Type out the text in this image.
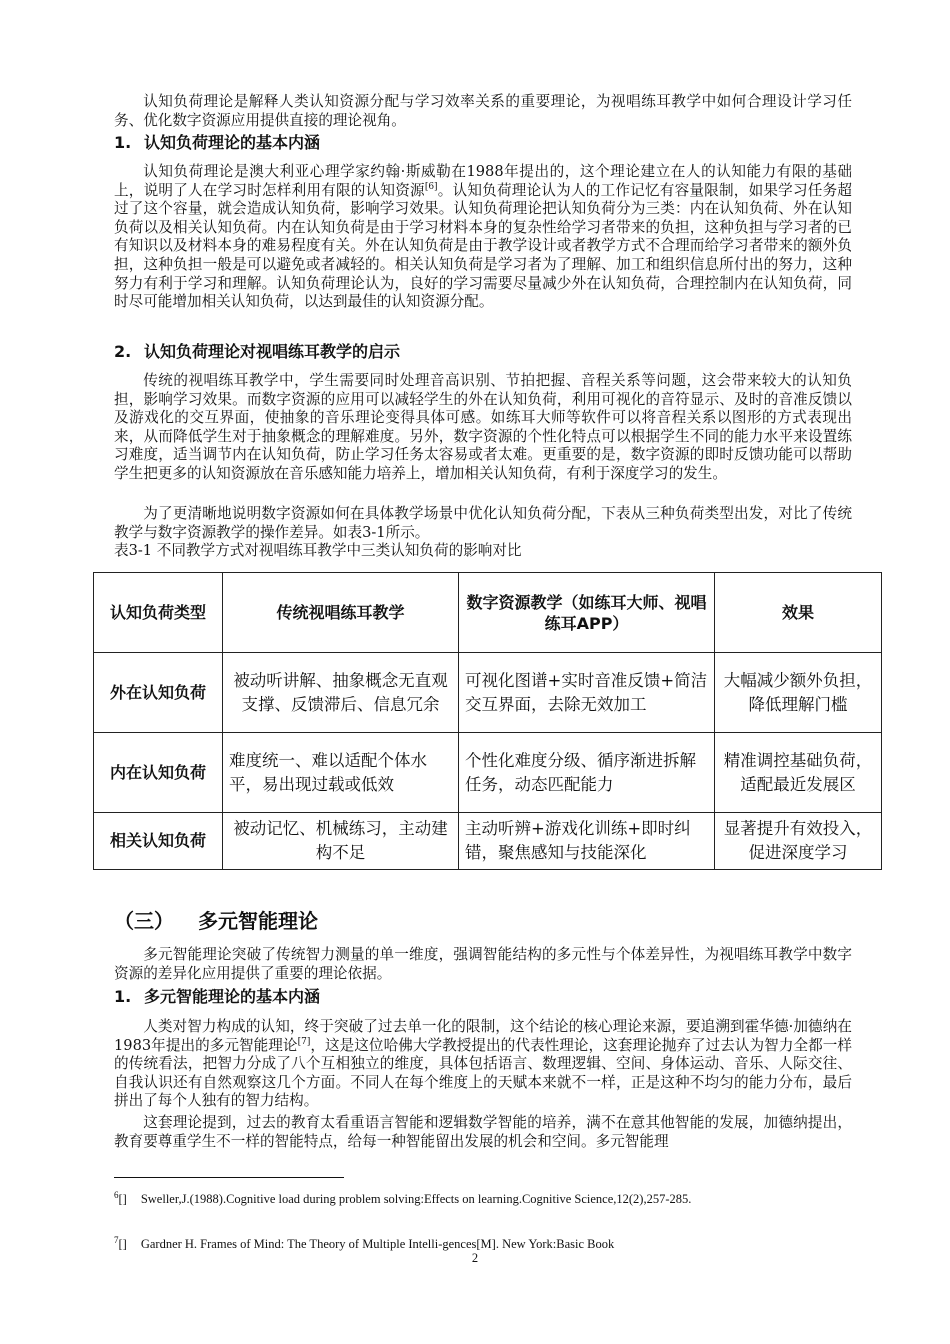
认知负荷理论是解释人类认知资源分配与学习效率关系的重要理论，为视唱练耳教学中如何合理设计学习任务、优化数字资源应用提供直接的理论视角。

1. 认知负荷理论的基本内涵

认知负荷理论是澳大利亚心理学家约翰·斯威勒在1988年提出的，这个理论建立在人的认知能力有限的基础上，说明了人在学习时怎样利用有限的认知资源[6]。认知负荷理论认为人的工作记忆有容量限制，如果学习任务超过了这个容量，就会造成认知负荷，影响学习效果。认知负荷理论把认知负荷分为三类：内在认知负荷、外在认知负荷以及相关认知负荷。内在认知负荷是由于学习材料本身的复杂性给学习者带来的负担，这种负担与学习者的已有知识以及材料本身的难易程度有关。外在认知负荷是由于教学设计或者教学方式不合理而给学习者带来的额外负担，这种负担一般是可以避免或者减轻的。相关认知负荷是学习者为了理解、加工和组织信息所付出的努力，这种努力有利于学习和理解。认知负荷理论认为，良好的学习需要尽量减少外在认知负荷，合理控制内在认知负荷，同时尽可能增加相关认知负荷，以达到最佳的认知资源分配。

2. 认知负荷理论对视唱练耳教学的启示

传统的视唱练耳教学中，学生需要同时处理音高识别、节拍把握、音程关系等问题，这会带来较大的认知负担，影响学习效果。而数字资源的应用可以减轻学生的外在认知负荷，利用可视化的音符显示、及时的音准反馈以及游戏化的交互界面，使抽象的音乐理论变得具体可感。如练耳大师等软件可以将音程关系以图形的方式表现出来，从而降低学生对于抽象概念的理解难度。另外，数字资源的个性化特点可以根据学生不同的能力水平来设置练习难度，适当调节内在认知负荷，防止学习任务太容易或者太难。更重要的是，数字资源的即时反馈功能可以帮助学生把更多的认知资源放在音乐感知能力培养上，增加相关认知负荷，有利于深度学习的发生。

为了更清晰地说明数字资源如何在具体教学场景中优化认知负荷分配，下表从三种负荷类型出发，对比了传统教学与数字资源教学的操作差异。如表3-1所示。

表3-1 不同教学方式对视唱练耳教学中三类认知负荷的影响对比

认知负荷类型	传统视唱练耳教学	数字资源教学（如练耳大师、视唱练耳APP）	效果
外在认知负荷	被动听讲解、抽象概念无直观支撑、反馈滞后、信息冗余	可视化图谱+实时音准反馈+简洁交互界面，去除无效加工	大幅减少额外负担，降低理解门槛
内在认知负荷	难度统一、难以适配个体水平，易出现过载或低效	个性化难度分级、循序渐进拆解任务，动态匹配能力	精准调控基础负荷，适配最近发展区
相关认知负荷	被动记忆、机械练习，主动建构不足	主动听辨+游戏化训练+即时纠错，聚焦感知与技能深化	显著提升有效投入，促进深度学习
（三） 多元智能理论

多元智能理论突破了传统智力测量的单一维度，强调智能结构的多元性与个体差异性，为视唱练耳教学中数字资源的差异化应用提供了重要的理论依据。

1. 多元智能理论的基本内涵

人类对智力构成的认知，终于突破了过去单一化的限制，这个结论的核心理论来源，要追溯到霍华德·加德纳在1983年提出的多元智能理论[7]，这是这位哈佛大学教授提出的代表性理论，这套理论抛弃了过去认为智力全都一样的传统看法，把智力分成了八个互相独立的维度，具体包括语言、数理逻辑、空间、身体运动、音乐、人际交往、自我认识还有自然观察这几个方面。不同人在每个维度上的天赋本来就不一样，正是这种不均匀的能力分布，最后拼出了每个人独有的智力结构。

这套理论提到，过去的教育太看重语言智能和逻辑数学智能的培养，满不在意其他智能的发展，加德纳提出，教育要尊重学生不一样的智能特点，给每一种智能留出发展的机会和空间。多元智能理

$^6$[] Sweller,J.(1988).Cognitive load during problem solving:Effects on learning.Cognitive Science,12(2),257-285.

$^7$[] Gardner H. Frames of Mind: The Theory of Multiple Intelli-gences[M]. New York:Basic Book

2
